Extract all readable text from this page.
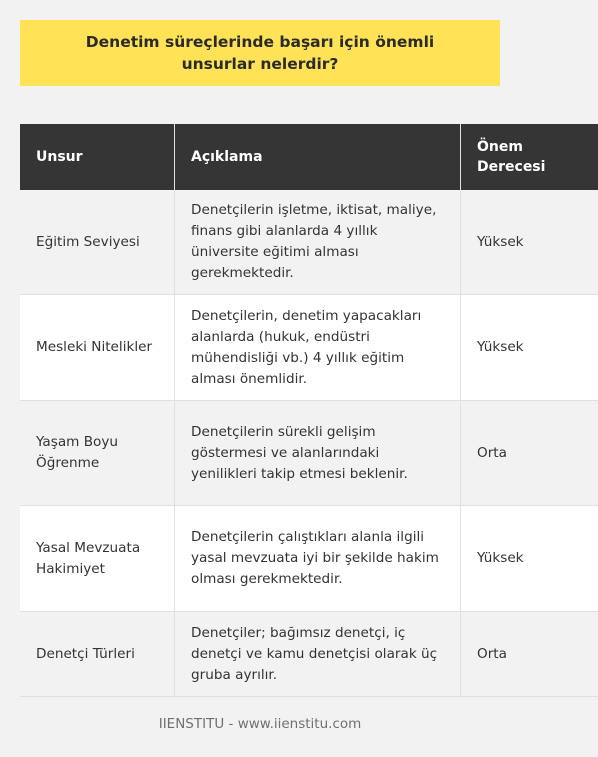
Denetim süreçlerinde başarı için önemli unsurlar nelerdir?
Unsur	Açıklama	Önem Derecesi
Eğitim Seviyesi	Denetçilerin işletme, iktisat, maliye, finans gibi alanlarda 4 yıllık üniversite eğitimi alması gerekmektedir.	Yüksek
Mesleki Nitelikler	Denetçilerin, denetim yapacakları alanlarda (hukuk, endüstri mühendisliği vb.) 4 yıllık eğitim alması önemlidir.	Yüksek
Yaşam Boyu Öğrenme	Denetçilerin sürekli gelişim göstermesi ve alanlarındaki yenilikleri takip etmesi beklenir.	Orta
Yasal Mevzuata Hakimiyet	Denetçilerin çalıştıkları alanla ilgili yasal mevzuata iyi bir şekilde hakim olması gerekmektedir.	Yüksek
Denetçi Türleri	Denetçiler; bağımsız denetçi, iç denetçi ve kamu denetçisi olarak üç gruba ayrılır.	Orta
IIENSTITU - www.iienstitu.com
